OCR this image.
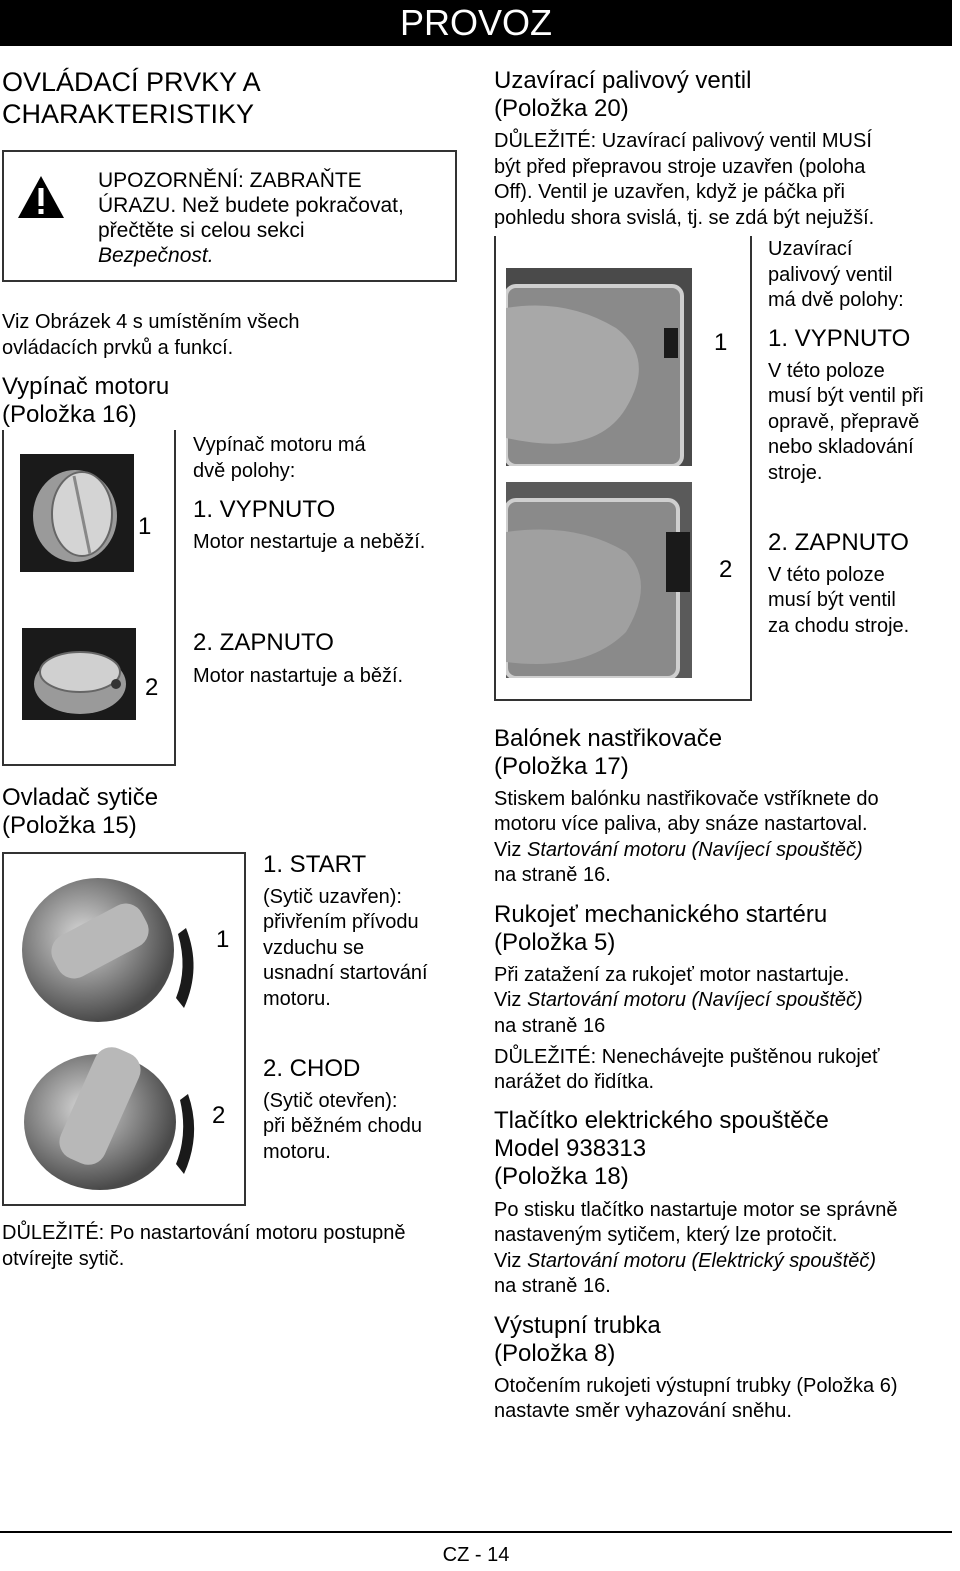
PROVOZ
OVLÁDACÍ PRVKY A
CHARAKTERISTIKY
UPOZORNĚNÍ: ZABRAŇTE
ÚRAZU. Než budete pokračovat,
přečtěte si celou sekci
Bezpečnost.
Viz Obrázek 4 s umístěním všech
ovládacích prvků a funkcí.
Vypínač motoru
(Položka 16)
1
2
Vypínač motoru má
dvě polohy:
1. VYPNUTO
Motor nestartuje a neběží.
2. ZAPNUTO
Motor nastartuje a běží.
Ovladač sytiče
(Položka 15)
1
2
1. START
(Sytič uzavřen):
přivřením přívodu
vzduchu se
usnadní startování
motoru.
2. CHOD
(Sytič otevřen):
při běžném chodu
motoru.
DŮLEŽITÉ: Po nastartování motoru postupně
otvírejte sytič.
Uzavírací palivový ventil
(Položka 20)
DŮLEŽITÉ: Uzavírací palivový ventil MUSÍ
být před přepravou stroje uzavřen (poloha
Off). Ventil je uzavřen, když je páčka při
pohledu shora svislá, tj. se zdá být nejužší.
1
2
Uzavírací
palivový ventil
má dvě polohy:
1. VYPNUTO
V této poloze
musí být ventil při
opravě, přepravě
nebo skladování
stroje.
2. ZAPNUTO
V této poloze
musí být ventil
za chodu stroje.
Balónek nastřikovače
(Položka 17)
Stiskem balónku nastřikovače vstříknete do
motoru více paliva, aby snáze nastartoval.
Viz Startování motoru (Navíjecí spouštěč)
na straně 16.
Rukojeť mechanického startéru
(Položka 5)
Při zatažení za rukojeť motor nastartuje.
Viz Startování motoru (Navíjecí spouštěč)
na straně 16
DŮLEŽITÉ: Nenechávejte puštěnou rukojeť
narážet do řidítka.
Tlačítko elektrického spouštěče
Model 938313
(Položka 18)
Po stisku tlačítko nastartuje motor se správně
nastaveným sytičem, který lze protočit.
Viz Startování motoru (Elektrický spouštěč)
na straně 16.
Výstupní trubka
(Položka 8)
Otočením rukojeti výstupní trubky (Položka 6)
nastavte směr vyhazování sněhu.
CZ - 14
